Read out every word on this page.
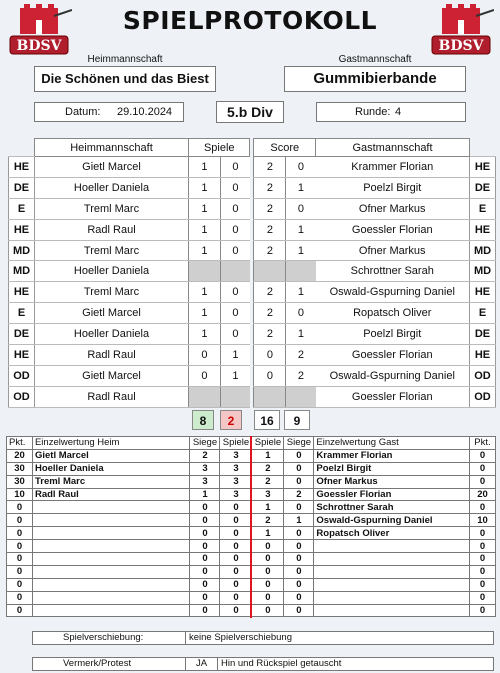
BDSV	BDSV
SPIELPROTOKOLL
Heimmannschaft	Gastmannschaft
Die Schönen und das Biest	Gummibierbande
Datum: 29.10.2024	5.b Div	Runde: 4
	Heimmannschaft	Spiele			Score		Gastmannschaft	
HE	Gietl Marcel	1	0		2	0	Krammer Florian	HE
DE	Hoeller Daniela	1	0		2	1	Poelzl Birgit	DE
E	Treml Marc	1	0		2	0	Ofner Markus	E
HE	Radl Raul	1	0		2	1	Goessler Florian	HE
MD	Treml Marc	1	0		2	1	Ofner Markus	MD
MD	Hoeller Daniela						Schrottner Sarah	MD
HE	Treml Marc	1	0		2	1	Oswald-Gspurning Daniel	HE
E	Gietl Marcel	1	0		2	0	Ropatsch Oliver	E
DE	Hoeller Daniela	1	0		2	1	Poelzl Birgit	DE
HE	Radl Raul	0	1		0	2	Goessler Florian	HE
OD	Gietl Marcel	0	1		0	2	Oswald-Gspurning Daniel	OD
OD	Radl Raul						Goessler Florian	OD
8	2	16	9
Pkt.	Einzelwertung Heim	Siege	Spiele	Spiele	Siege	Einzelwertung Gast	Pkt.
20	Gietl Marcel	2	3	1	0	Krammer Florian	0
30	Hoeller Daniela	3	3	2	0	Poelzl Birgit	0
30	Treml Marc	3	3	2	0	Ofner Markus	0
10	Radl Raul	1	3	3	2	Goessler Florian	20
0		0	0	1	0	Schrottner Sarah	0
0		0	0	2	1	Oswald-Gspurning Daniel	10
0		0	0	1	0	Ropatsch Oliver	0
0		0	0	0	0		0
0		0	0	0	0		0
0		0	0	0	0		0
0		0	0	0	0		0
0		0	0	0	0		0
0		0	0	0	0		0
Spielverschiebung:	keine Spielverschiebung
Vermerk/Protest	JA	Hin und Rückspiel getauscht
